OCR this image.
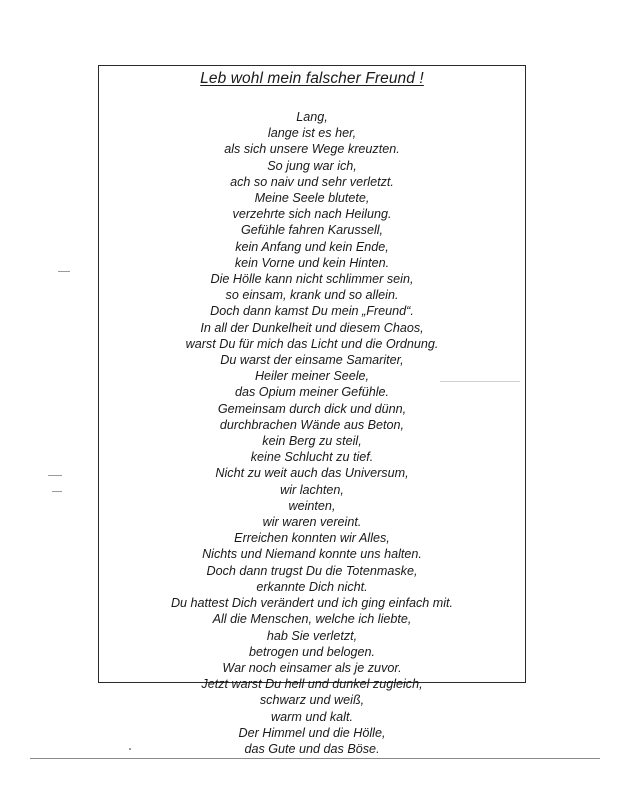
Leb wohl mein falscher Freund !
Lang,
lange ist es her,
als sich unsere Wege kreuzten.
So jung war ich,
ach so naiv und sehr verletzt.
Meine Seele blutete,
verzehrte sich nach Heilung.
Gefühle fahren Karussell,
kein Anfang und kein Ende,
kein Vorne und kein Hinten.
Die Hölle kann nicht schlimmer sein,
so einsam, krank und so allein.
Doch dann kamst Du mein „Freund“.
In all der Dunkelheit und diesem Chaos,
warst Du für mich das Licht und die Ordnung.
Du warst der einsame Samariter,
Heiler meiner Seele,
das Opium meiner Gefühle.
Gemeinsam durch dick und dünn,
durchbrachen Wände aus Beton,
kein Berg zu steil,
keine Schlucht zu tief.
Nicht zu weit auch das Universum,
wir lachten,
weinten,
wir waren vereint.
Erreichen konnten wir Alles,
Nichts und Niemand konnte uns halten.
Doch dann trugst Du die Totenmaske,
erkannte Dich nicht.
Du hattest Dich verändert und ich ging einfach mit.
All die Menschen, welche ich liebte,
hab Sie verletzt,
betrogen und belogen.
War noch einsamer als je zuvor.
Jetzt warst Du hell und dunkel zugleich,
schwarz und weiß,
warm und kalt.
Der Himmel und die Hölle,
das Gute und das Böse.
